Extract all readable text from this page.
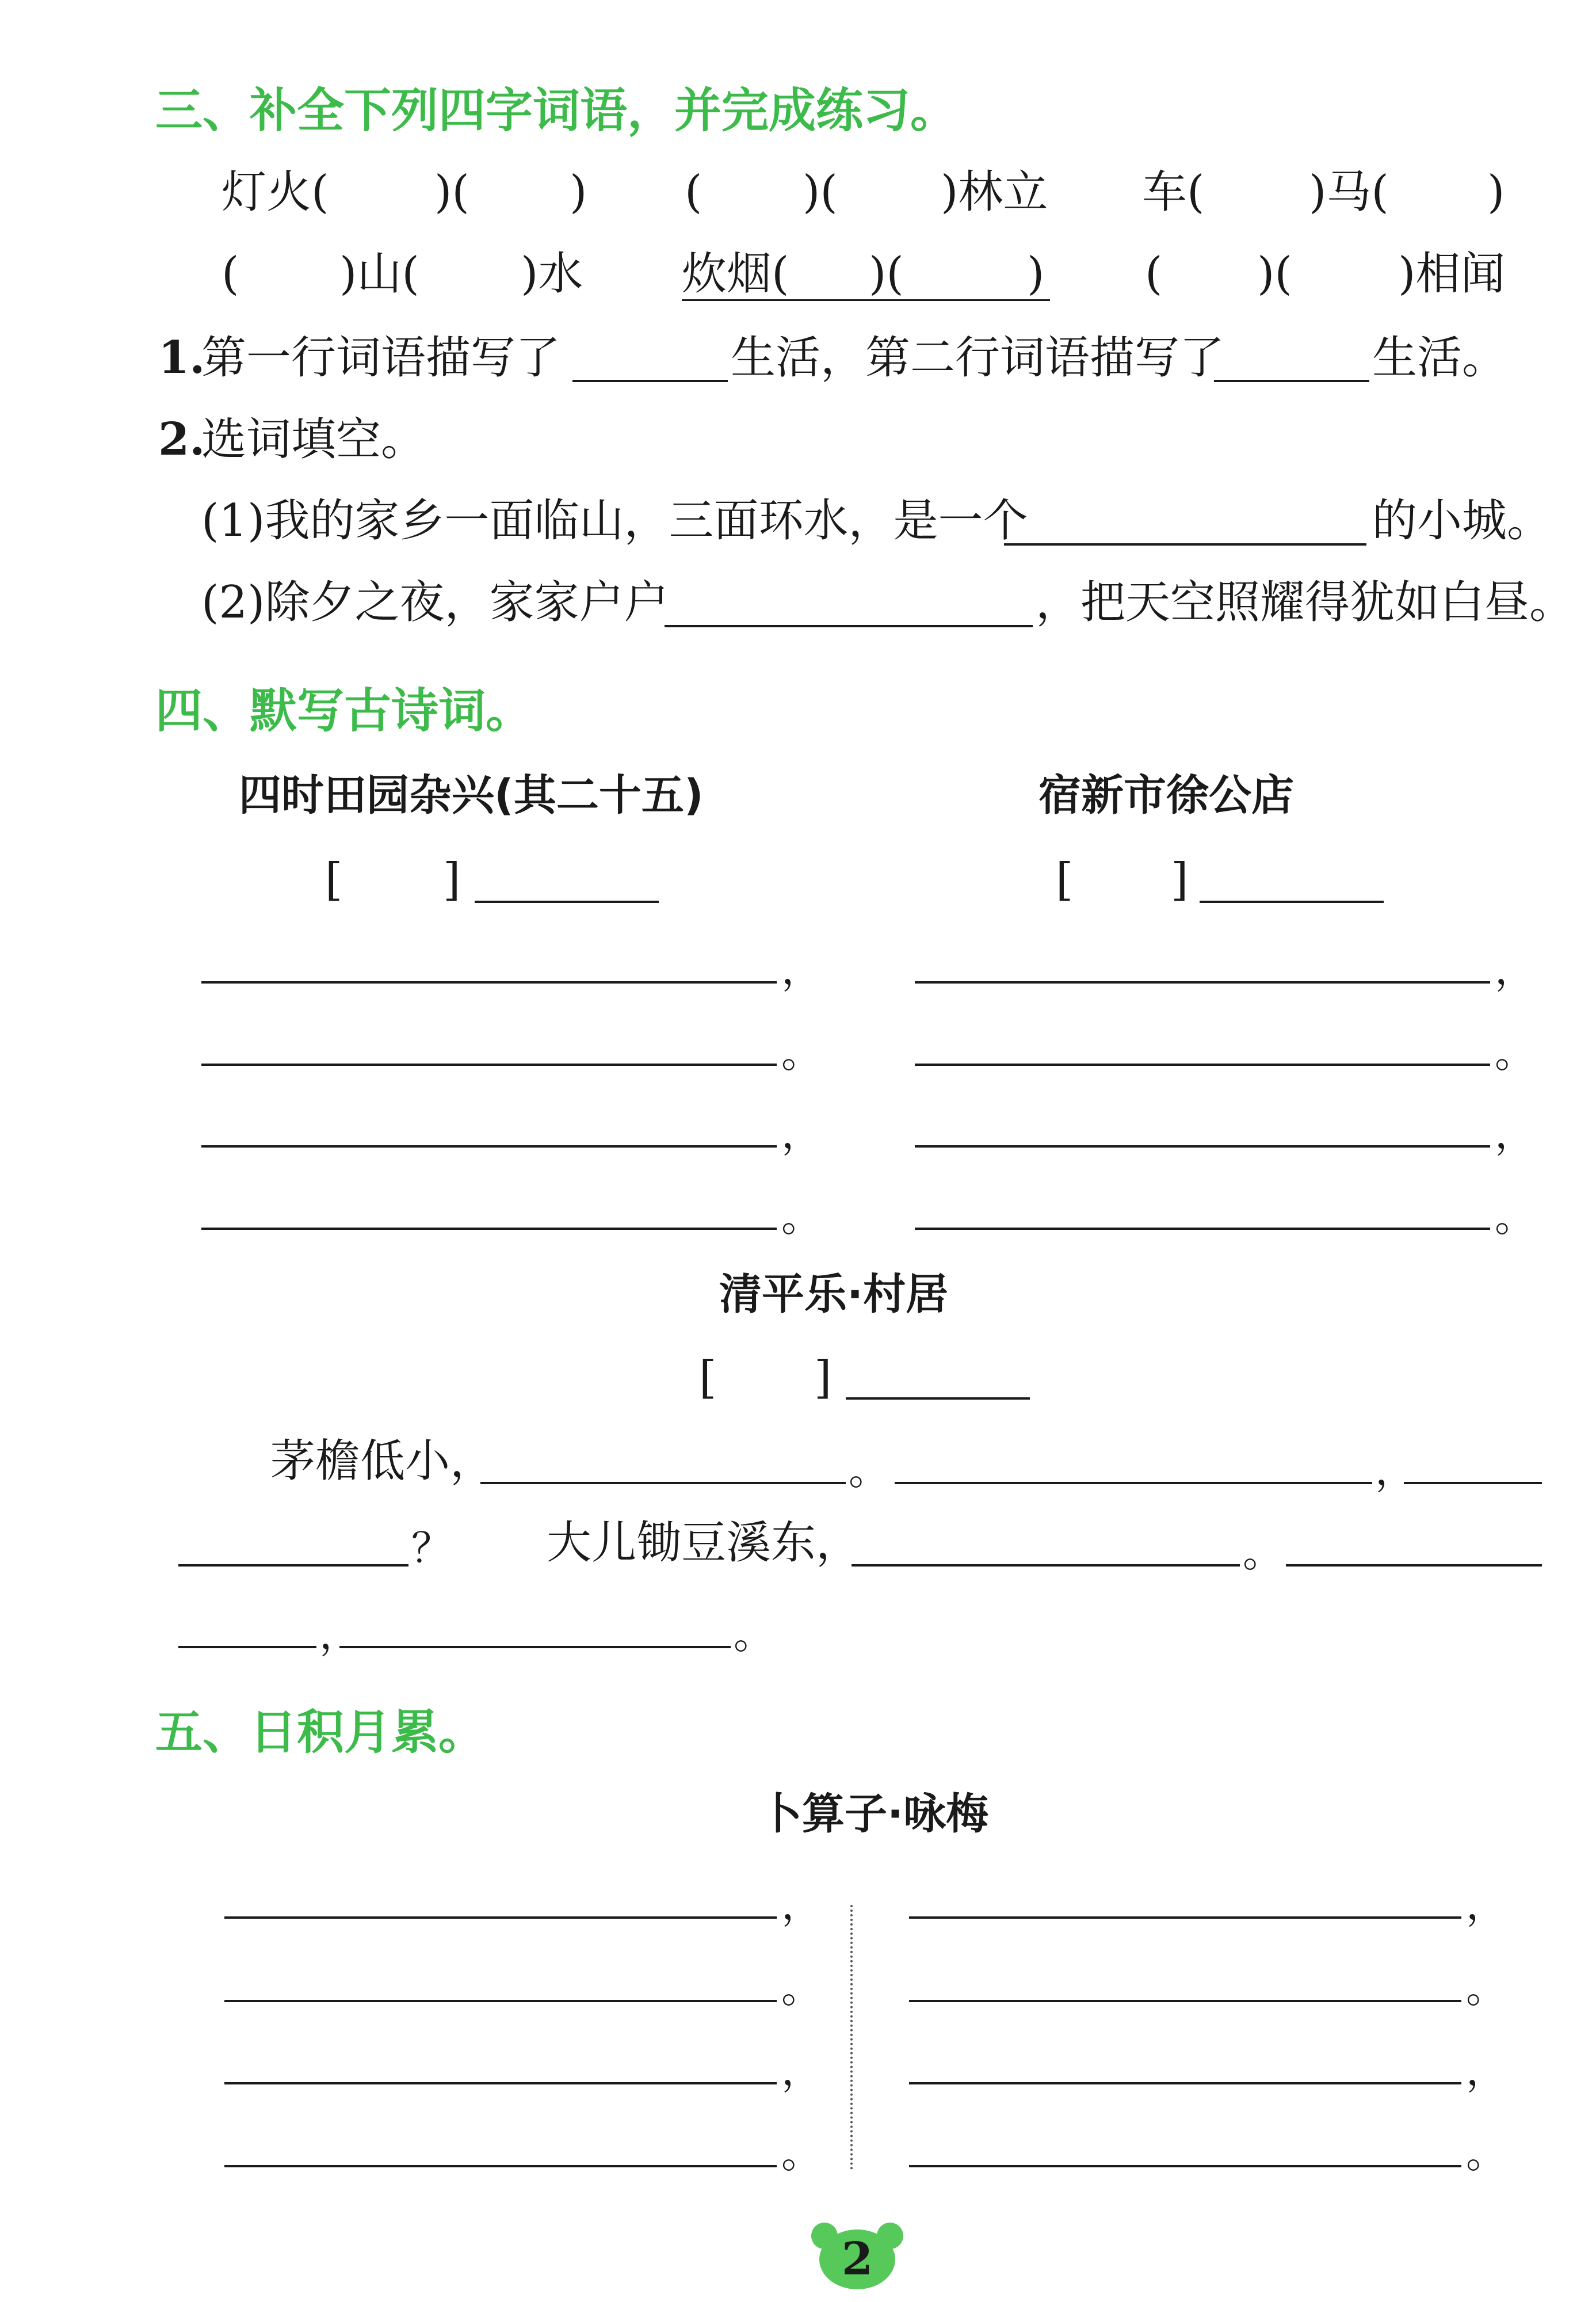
三、补全下列四字词语，并完成练习。
灯火( )( ) ( )( )林立 车( )马( )
( )山( )水 炊烟( )(	) ( )( )相闻
1.
第一行词语描写了	生活，第二行词语描写了	生活。
2.
选词填空。
(1)我的家乡一面临山，三面环水，是一个	的小城。
(2)除夕之夜，家家户户	，把天空照耀得犹如白昼。
四、默写古诗词。
四时田园杂兴(其二十五)
[ ]
，
。
，
。
宿新市徐公店
[ ]
，
。
，
。
清平乐·村居
[ ]
茅檐低小，	。	，
？ 大儿锄豆溪东，	。
，	。
五、日积月累。
卜算子·咏梅
，
。
，
。
，
。
，
。
2
